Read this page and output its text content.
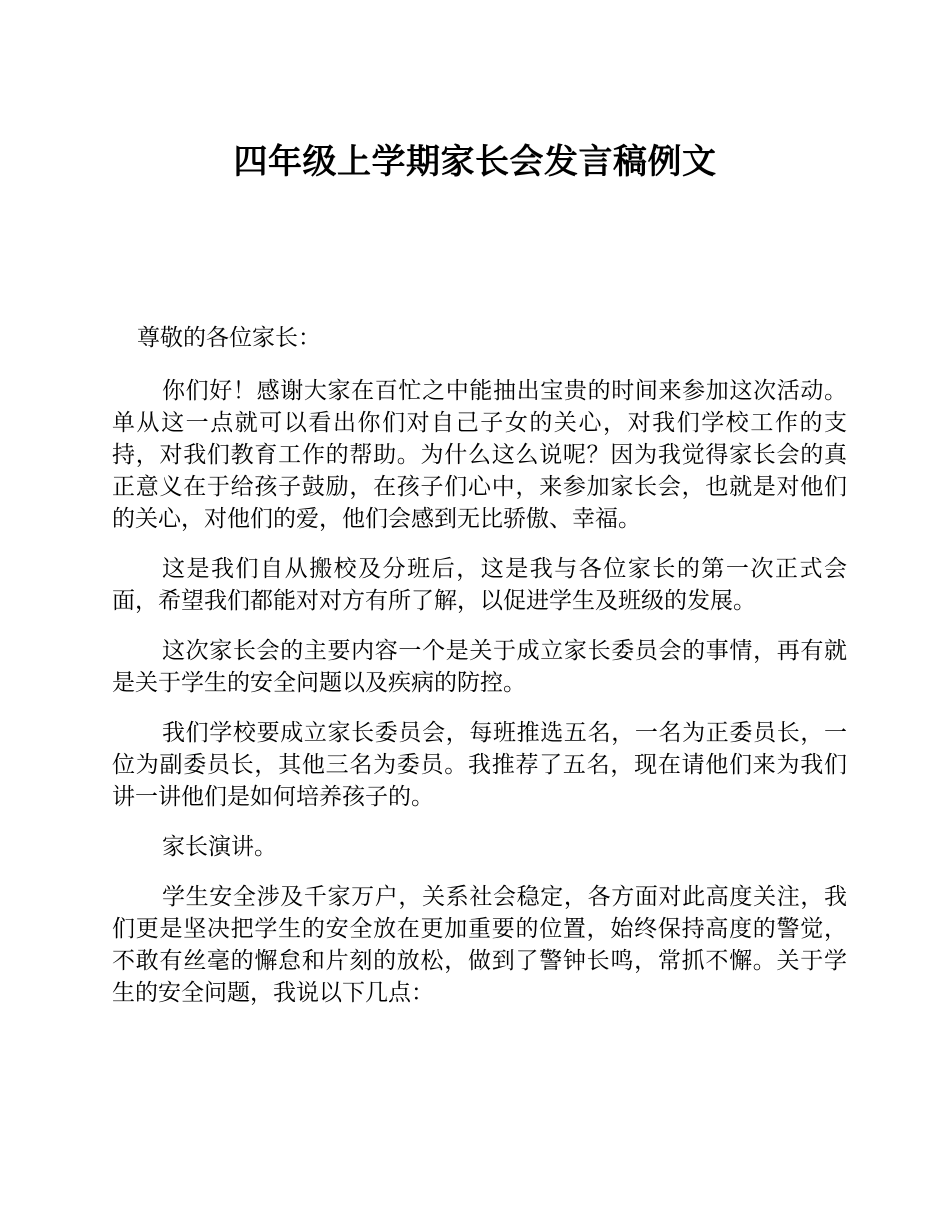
四年级上学期家长会发言稿例文

尊敬的各位家长：

你们好！感谢大家在百忙之中能抽出宝贵的时间来参加这次活动。单从这一点就可以看出你们对自己子女的关心，对我们学校工作的支持，对我们教育工作的帮助。为什么这么说呢？因为我觉得家长会的真正意义在于给孩子鼓励，在孩子们心中，来参加家长会，也就是对他们的关心，对他们的爱，他们会感到无比骄傲、幸福。

这是我们自从搬校及分班后，这是我与各位家长的第一次正式会面，希望我们都能对对方有所了解，以促进学生及班级的发展。

这次家长会的主要内容一个是关于成立家长委员会的事情，再有就是关于学生的安全问题以及疾病的防控。

我们学校要成立家长委员会，每班推选五名，一名为正委员长，一位为副委员长，其他三名为委员。我推荐了五名，现在请他们来为我们讲一讲他们是如何培养孩子的。

家长演讲。

学生安全涉及千家万户，关系社会稳定，各方面对此高度关注，我们更是坚决把学生的安全放在更加重要的位置，始终保持高度的警觉，不敢有丝毫的懈怠和片刻的放松，做到了警钟长鸣，常抓不懈。关于学生的安全问题，我说以下几点：
